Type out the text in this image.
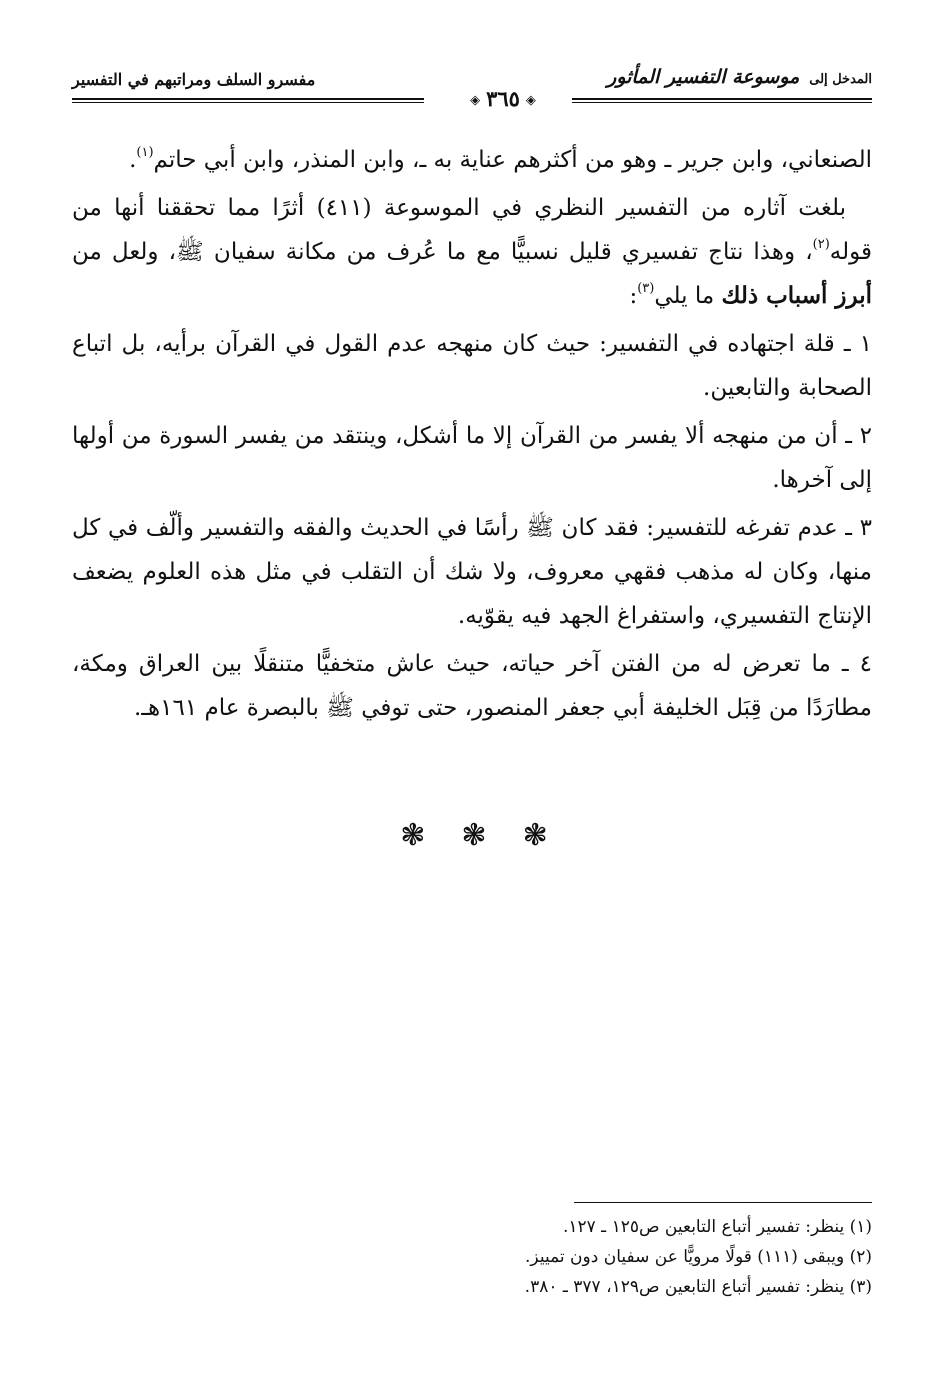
المدخل إلى موسوعة التفسير المأثور
◈٣٦٥◈
مفسرو السلف ومراتبهم في التفسير

الصنعاني، وابن جرير ـ وهو من أكثرهم عناية به ـ، وابن المنذر، وابن أبي حاتم$^{(١)}$.

بلغت آثاره من التفسير النظري في الموسوعة (٤١١) أثرًا مما تحققنا أنها من قوله$^{(٢)}$، وهذا نتاج تفسيري قليل نسبيًّا مع ما عُرف من مكانة سفيان ﷺ، ولعل من أبرز أسباب ذلك ما يلي$^{(٣)}$:

١ ـ قلة اجتهاده في التفسير: حيث كان منهجه عدم القول في القرآن برأيه، بل اتباع الصحابة والتابعين.

٢ ـ أن من منهجه ألا يفسر من القرآن إلا ما أشكل، وينتقد من يفسر السورة من أولها إلى آخرها.

٣ ـ عدم تفرغه للتفسير: فقد كان ﷺ رأسًا في الحديث والفقه والتفسير وألّف في كل منها، وكان له مذهب فقهي معروف، ولا شك أن التقلب في مثل هذه العلوم يضعف الإنتاج التفسيري، واستفراغ الجهد فيه يقوّيه.

٤ ـ ما تعرض له من الفتن آخر حياته، حيث عاش متخفيًّا متنقلًا بين العراق ومكة، مطارَدًا من قِبَل الخليفة أبي جعفر المنصور، حتى توفي ﷺ بالبصرة عام ١٦١هـ.

❃ ❃ ❃
(١) ينظر: تفسير أتباع التابعين ص١٢٥ ـ ١٢٧.
(٢) ويبقى (١١١) قولًا مرويًّا عن سفيان دون تمييز.
(٣) ينظر: تفسير أتباع التابعين ص١٢٩، ٣٧٧ ـ ٣٨٠.
